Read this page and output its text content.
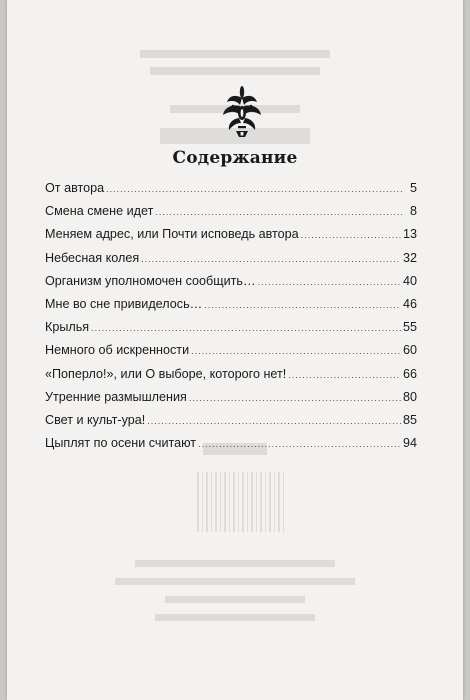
Содержание
От автора .....	5
Смена смене идет .....	8
Меняем адрес, или Почти исповедь автора .....	13
Небесная колея .....	32
Организм уполномочен сообщить… .....	40
Мне во сне привиделось… .....	46
Крылья .....	55
Немного об искренности .....	60
«Поперло!», или О выборе, которого нет! .....	66
Утренние размышления .....	80
Свет и культ-ура! .....	85
Цыплят по осени считают .....	94
